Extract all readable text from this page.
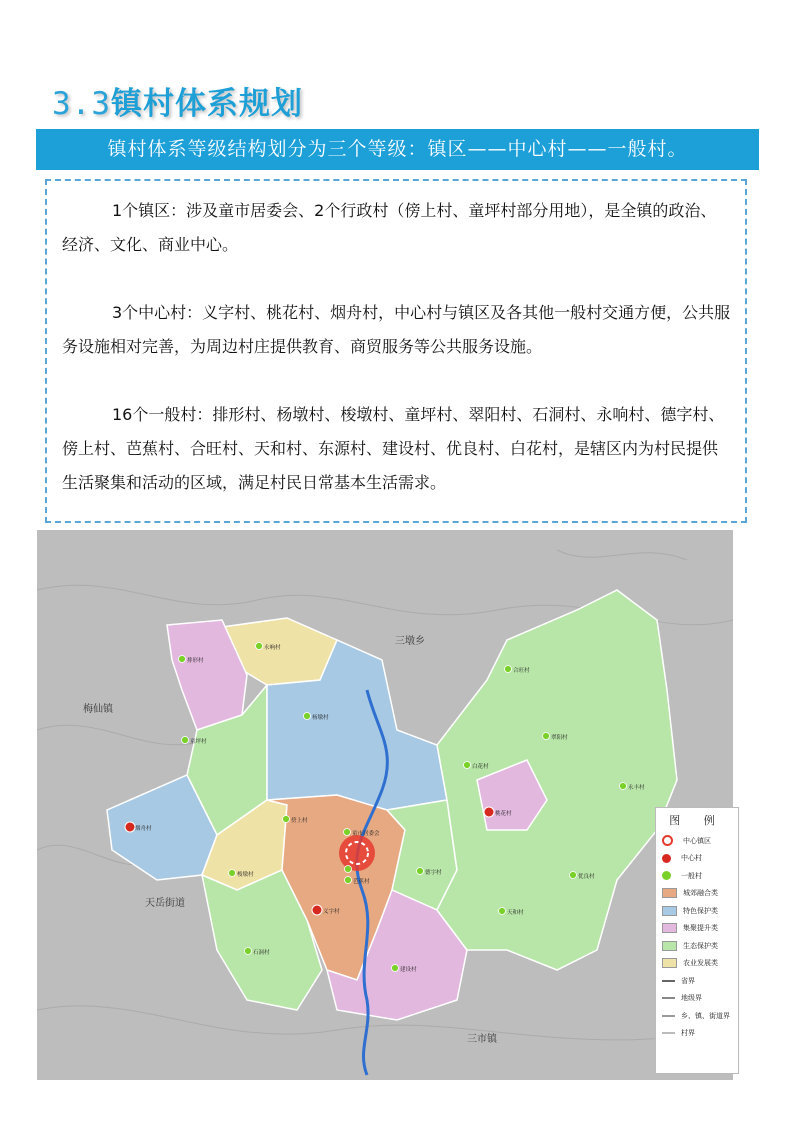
3.3镇村体系规划
镇村体系等级结构划分为三个等级：镇区——中心村——一般村。

1个镇区：涉及童市居委会、2个行政村（傍上村、童坪村部分用地），是全镇的政治、经济、文化、商业中心。

3个中心村：义字村、桃花村、烟舟村，中心村与镇区及各其他一般村交通方便，公共服务设施相对完善，为周边村庄提供教育、商贸服务等公共服务设施。

16个一般村：排形村、杨墩村、梭墩村、童坪村、翠阳村、石洞村、永响村、德字村、傍上村、芭蕉村、合旺村、天和村、东源村、建设村、优良村、白花村，是辖区内为村民提供生活聚集和活动的区域，满足村民日常基本生活需求。

三墩乡
梅仙镇
天岳街道
三市镇
烟舟村
桃花村
义字村
永响村
排形村
合旺村
杨墩村
童坪村
翠阳村
白花村
永丰村
傍上村
童市居委会
梭墩村
芭蕉村
德字村
优良村
天和村
石洞村
建设村
图 例
中心镇区
中心村
一般村
城郊融合类
特色保护类
集聚提升类
生态保护类
农业发展类
省界
地级界
乡、镇、街道界
村界
